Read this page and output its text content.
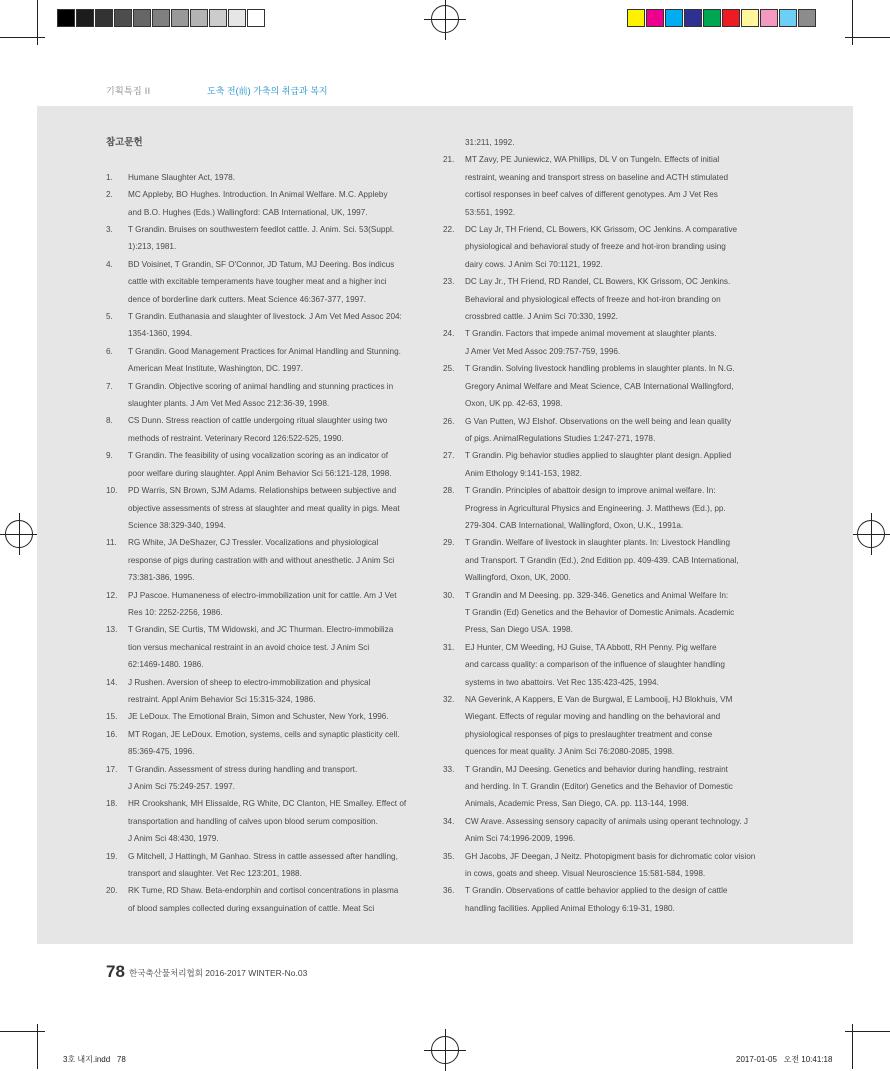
기획특집 II	도축 전(前) 가축의 취급과 복지
참고문헌
1.	Humane Slaughter Act, 1978.
2.	MC Appleby, BO Hughes. Introduction. In Animal Welfare. M.C. Appleby
and B.O. Hughes (Eds.) Wallingford: CAB International, UK, 1997.
3.	T Grandin. Bruises on southwestern feedlot cattle. J. Anim. Sci. 53(Suppl.
1):213, 1981.
4.	BD Voisinet, T Grandin, SF O'Connor, JD Tatum, MJ Deering. Bos indicus
cattle with excitable temperaments have tougher meat and a higher inci
dence of borderline dark cutters. Meat Science 46:367-377, 1997.
5.	T Grandin. Euthanasia and slaughter of livestock. J Am Vet Med Assoc 204:
1354-1360, 1994.
6.	T Grandin. Good Management Practices for Animal Handling and Stunning.
American Meat Institute, Washington, DC. 1997.
7.	T Grandin. Objective scoring of animal handling and stunning practices in
slaughter plants. J Am Vet Med Assoc 212:36-39, 1998.
8.	CS Dunn. Stress reaction of cattle undergoing ritual slaughter using two
methods of restraint. Veterinary Record 126:522-525, 1990.
9.	T Grandin. The feasibility of using vocalization scoring as an indicator of
poor welfare during slaughter. Appl Anim Behavior Sci 56:121-128, 1998.
10.	PD Warris, SN Brown, SJM Adams. Relationships between subjective and
objective assessments of stress at slaughter and meat quality in pigs. Meat
Science 38:329-340, 1994.
11.	RG White, JA DeShazer, CJ Tressler. Vocalizations and physiological
response of pigs during castration with and without anesthetic. J Anim Sci
73:381-386, 1995.
12.	PJ Pascoe. Humaneness of electro-immobilization unit for cattle. Am J Vet
Res 10: 2252-2256, 1986.
13.	T Grandin, SE Curtis, TM Widowski, and JC Thurman. Electro-immobiliza
tion versus mechanical restraint in an avoid choice test. J Anim Sci
62:1469-1480. 1986.
14.	J Rushen. Aversion of sheep to electro-immobilization and physical
restraint. Appl Anim Behavior Sci 15:315-324, 1986.
15.	JE LeDoux. The Emotional Brain, Simon and Schuster, New York, 1996.
16.	MT Rogan, JE LeDoux. Emotion, systems, cells and synaptic plasticity cell.
85:369-475, 1996.
17.	T Grandin. Assessment of stress during handling and transport.
J Anim Sci 75:249-257. 1997.
18.	HR Crookshank, MH Elissalde, RG White, DC Clanton, HE Smalley. Effect of
transportation and handling of calves upon blood serum composition.
J Anim Sci 48:430, 1979.
19.	G Mitchell, J Hattingh, M Ganhao. Stress in cattle assessed after handling,
transport and slaughter. Vet Rec 123:201, 1988.
20.	RK Tume, RD Shaw. Beta-endorphin and cortisol concentrations in plasma
of blood samples collected during exsanguination of cattle. Meat Sci
31:211, 1992.
21.	MT Zavy, PE Juniewicz, WA Phillips, DL V on Tungeln. Effects of initial
restraint, weaning and transport stress on baseline and ACTH stimulated
cortisol responses in beef calves of different genotypes. Am J Vet Res
53:551, 1992.
22.	DC Lay Jr, TH Friend, CL Bowers, KK Grissom, OC Jenkins. A comparative
physiological and behavioral study of freeze and hot-iron branding using
dairy cows. J Anim Sci 70:1121, 1992.
23.	DC Lay Jr., TH Friend, RD Randel, CL Bowers, KK Grissom, OC Jenkins.
Behavioral and physiological effects of freeze and hot-iron branding on
crossbred cattle. J Anim Sci 70:330, 1992.
24.	T Grandin. Factors that impede animal movement at slaughter plants.
J Amer Vet Med Assoc 209:757-759, 1996.
25.	T Grandin. Solving livestock handling problems in slaughter plants. In N.G.
Gregory Animal Welfare and Meat Science, CAB International Wallingford,
Oxon, UK pp. 42-63, 1998.
26.	G Van Putten, WJ Elshof. Observations on the well being and lean quality
of pigs. AnimalRegulations Studies 1:247-271, 1978.
27.	T Grandin. Pig behavior studies applied to slaughter plant design. Applied
Anim Ethology 9:141-153, 1982.
28.	T Grandin. Principles of abattoir design to improve animal welfare. In:
Progress in Agricultural Physics and Engineering. J. Matthews (Ed.), pp.
279-304. CAB International, Wallingford, Oxon, U.K., 1991a.
29.	T Grandin. Welfare of livestock in slaughter plants. In: Livestock Handling
and Transport. T Grandin (Ed.), 2nd Edition pp. 409-439. CAB International,
Wallingford, Oxon, UK, 2000.
30.	T Grandin and M Deesing. pp. 329-346. Genetics and Animal Welfare In:
T Grandin (Ed) Genetics and the Behavior of Domestic Animals. Academic
Press, San Diego USA. 1998.
31.	EJ Hunter, CM Weeding, HJ Guise, TA Abbott, RH Penny. Pig welfare
and carcass quality: a comparison of the influence of slaughter handling
systems in two abattoirs. Vet Rec 135:423-425, 1994.
32.	NA Geverink, A Kappers, E Van de Burgwal, E Lambooij, HJ Blokhuis, VM
Wiegant. Effects of regular moving and handling on the behavioral and
physiological responses of pigs to preslaughter treatment and conse
quences for meat quality. J Anim Sci 76:2080-2085, 1998.
33.	T Grandin, MJ Deesing. Genetics and behavior during handling, restraint
and herding. In T. Grandin (Editor) Genetics and the Behavior of Domestic
Animals, Academic Press, San Diego, CA. pp. 113-144, 1998.
34.	CW Arave. Assessing sensory capacity of animals using operant technology. J
Anim Sci 74:1996-2009, 1996.
35.	GH Jacobs, JF Deegan, J Neitz. Photopigment basis for dichromatic color vision
in cows, goats and sheep. Visual Neuroscience 15:581-584, 1998.
36.	T Grandin. Observations of cattle behavior applied to the design of cattle
handling facilities. Applied Animal Ethology 6:19-31, 1980.
78 한국축산물처리협회 2016-2017 WINTER-No.03
3호 내지.indd   78	2017-01-05   오전 10:41:18
